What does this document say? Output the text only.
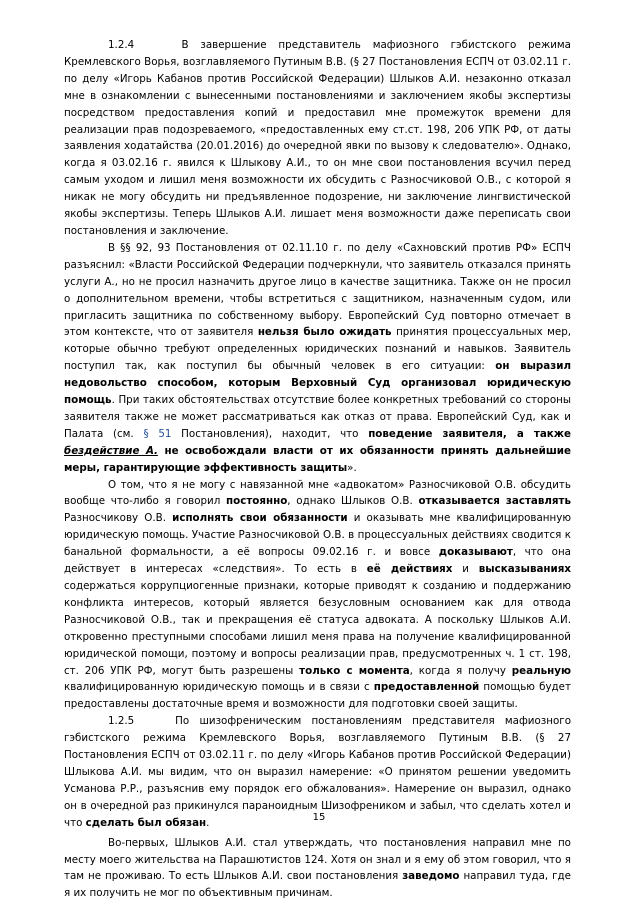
1.2.4    В завершение представитель мафиозного гэбистского режима Кремлевского Ворья, возглавляемого Путиным В.В. (§ 27 Постановления ЕСПЧ от 03.02.11 г. по делу «Игорь Кабанов против Российской Федерации) Шлыков А.И. незаконно отказал мне в ознакомлении с вынесенными постановлениями и заключением якобы экспертизы посредством предоставления копий и предоставил мне промежуток времени для реализации прав подозреваемого, «предоставленных ему ст.ст. 198, 206 УПК РФ, от даты заявления ходатайства (20.01.2016) до очередной явки по вызову к следователю». Однако, когда я 03.02.16 г. явился к Шлыкову А.И., то он мне свои постановления всучил перед самым уходом и лишил меня возможности их обсудить с Разносчиковой О.В., с которой я никак не могу обсудить ни предъявленное подозрение, ни заключение лингвистической якобы экспертизы. Теперь Шлыков А.И. лишает меня возможности даже переписать свои постановления и заключение.

В §§ 92, 93 Постановления от 02.11.10 г. по делу «Сахновский против РФ» ЕСПЧ разъяснил: «Власти Российской Федерации подчеркнули, что заявитель отказался принять услуги А., но не просил назначить другое лицо в качестве защитника. Также он не просил о дополнительном времени, чтобы встретиться с защитником, назначенным судом, или пригласить защитника по собственному выбору. Европейский Суд повторно отмечает в этом контексте, что от заявителя нельзя было ожидать принятия процессуальных мер, которые обычно требуют определенных юридических познаний и навыков. Заявитель поступил так, как поступил бы обычный человек в его ситуации: он выразил недовольство способом, которым Верховный Суд организовал юридическую помощь. При таких обстоятельствах отсутствие более конкретных требований со стороны заявителя также не может рассматриваться как отказ от права. Европейский Суд, как и Палата (см. § 51 Постановления), находит, что поведение заявителя, а также бездействие А. не освобождали власти от их обязанности принять дальнейшие меры, гарантирующие эффективность защиты».

О том, что я не могу с навязанной мне «адвокатом» Разносчиковой О.В. обсудить вообще что-либо я говорил постоянно, однако Шлыков О.В. отказывается заставлять Разносчикову О.В. исполнять свои обязанности и оказывать мне квалифицированную юридическую помощь. Участие Разносчиковой О.В. в процессуальных действиях сводится к банальной формальности, а её вопросы 09.02.16 г. и вовсе доказывают, что она действует в интересах «следствия». То есть в её действиях и высказываниях содержаться коррупциогенные признаки, которые приводят к созданию и поддержанию конфликта интересов, который является безусловным основанием как для отвода Разносчиковой О.В., так и прекращения её статуса адвоката. А поскольку Шлыков А.И. откровенно преступными способами лишил меня права на получение квалифицированной юридической помощи, поэтому и вопросы реализации прав, предусмотренных ч. 1 ст. 198, ст. 206 УПК РФ, могут быть разрешены только с момента, когда я получу реальную квалифицированную юридическую помощь и в связи с предоставленной помощью будет предоставлены достаточные время и возможности для подготовки своей защиты.

1.2.5    По шизофреническим постановлениям представителя мафиозного гэбистского режима Кремлевского Ворья, возглавляемого Путиным В.В. (§ 27 Постановления ЕСПЧ от 03.02.11 г. по делу «Игорь Кабанов против Российской Федерации) Шлыкова А.И. мы видим, что он выразил намерение: «О принятом решении уведомить Усманова Р.Р., разъяснив ему порядок его обжалования». Намерение он выразил, однако он в очередной раз прикинулся параноидным Шизофреником и забыл, что сделать хотел и что сделать был обязан.

Во-первых, Шлыков А.И. стал утверждать, что постановления направил мне по месту моего жительства на Парашютистов 124. Хотя он знал и я ему об этом говорил, что я там не проживаю. То есть Шлыков А.И. свои постановления заведомо направил туда, где я их получить не мог по объективным причинам.

15
